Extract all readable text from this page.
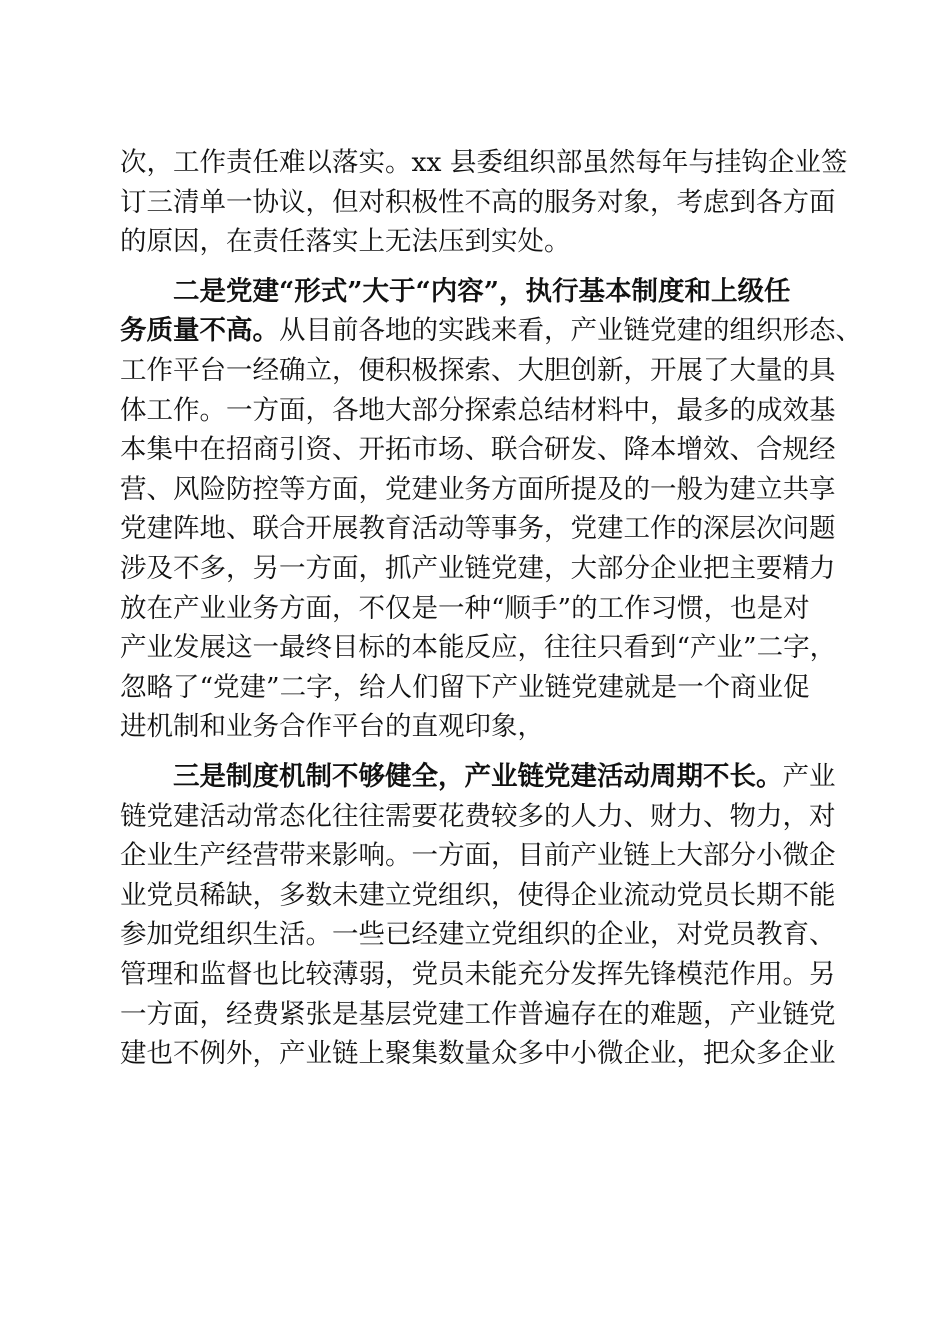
次，工作责任难以落实。xx 县委组织部虽然每年与挂钩企业签
订三清单一协议，但对积极性不高的服务对象，考虑到各方面
的原因，在责任落实上无法压到实处。
二是党建“形式”大于“内容”，执行基本制度和上级任
务质量不高。从目前各地的实践来看，产业链党建的组织形态、
工作平台一经确立，便积极探索、大胆创新，开展了大量的具
体工作。一方面，各地大部分探索总结材料中，最多的成效基
本集中在招商引资、开拓市场、联合研发、降本增效、合规经
营、风险防控等方面，党建业务方面所提及的一般为建立共享
党建阵地、联合开展教育活动等事务，党建工作的深层次问题
涉及不多，另一方面，抓产业链党建，大部分企业把主要精力
放在产业业务方面，不仅是一种“顺手”的工作习惯，也是对
产业发展这一最终目标的本能反应，往往只看到“产业”二字，
忽略了“党建”二字，给人们留下产业链党建就是一个商业促
进机制和业务合作平台的直观印象，
三是制度机制不够健全，产业链党建活动周期不长。产业
链党建活动常态化往往需要花费较多的人力、财力、物力，对
企业生产经营带来影响。一方面，目前产业链上大部分小微企
业党员稀缺，多数未建立党组织，使得企业流动党员长期不能
参加党组织生活。一些已经建立党组织的企业，对党员教育、
管理和监督也比较薄弱，党员未能充分发挥先锋模范作用。另
一方面，经费紧张是基层党建工作普遍存在的难题，产业链党
建也不例外，产业链上聚集数量众多中小微企业，把众多企业
